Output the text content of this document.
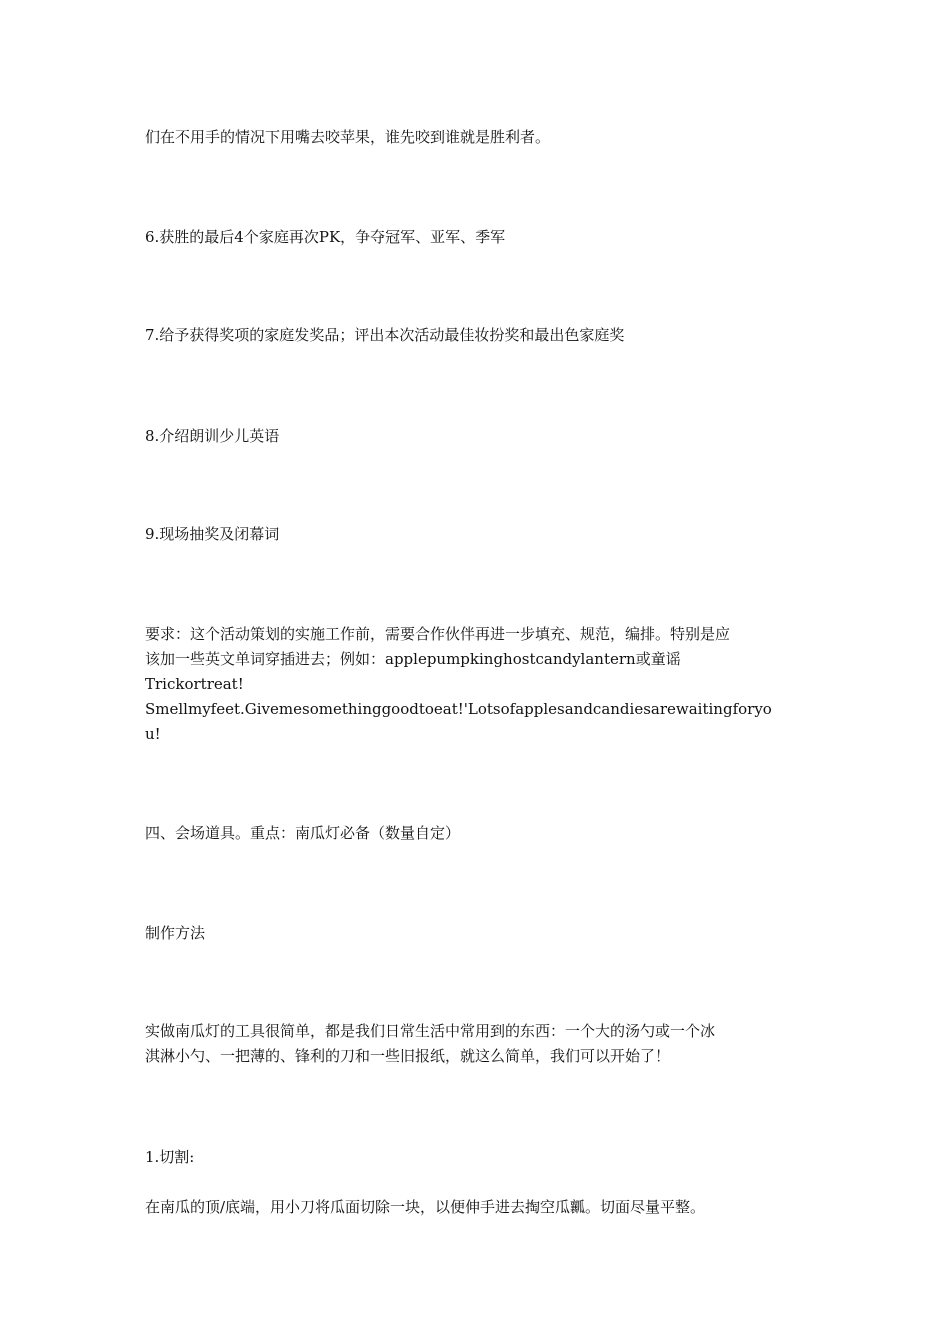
们在不用手的情况下用嘴去咬苹果，谁先咬到谁就是胜利者。

6.获胜的最后4个家庭再次PK，争夺冠军、亚军、季军

7.给予获得奖项的家庭发奖品；评出本次活动最佳妆扮奖和最出色家庭奖

8.介绍朗训少儿英语

9.现场抽奖及闭幕词

要求：这个活动策划的实施工作前，需要合作伙伴再进一步填充、规范，编排。特别是应
该加一些英文单词穿插进去；例如：applepumpkinghostcandylantern或童谣
Trickortreat!
Smellmyfeet.Givemesomethinggoodtoeat!'Lotsofapplesandcandiesarewaitingforyo
u!

四、会场道具。重点：南瓜灯必备（数量自定）

制作方法

实做南瓜灯的工具很简单，都是我们日常生活中常用到的东西：一个大的汤勺或一个冰
淇淋小勺、一把薄的、锋利的刀和一些旧报纸，就这么简单，我们可以开始了！

1.切割:

在南瓜的顶/底端，用小刀将瓜面切除一块，以便伸手进去掏空瓜瓤。切面尽量平整。
